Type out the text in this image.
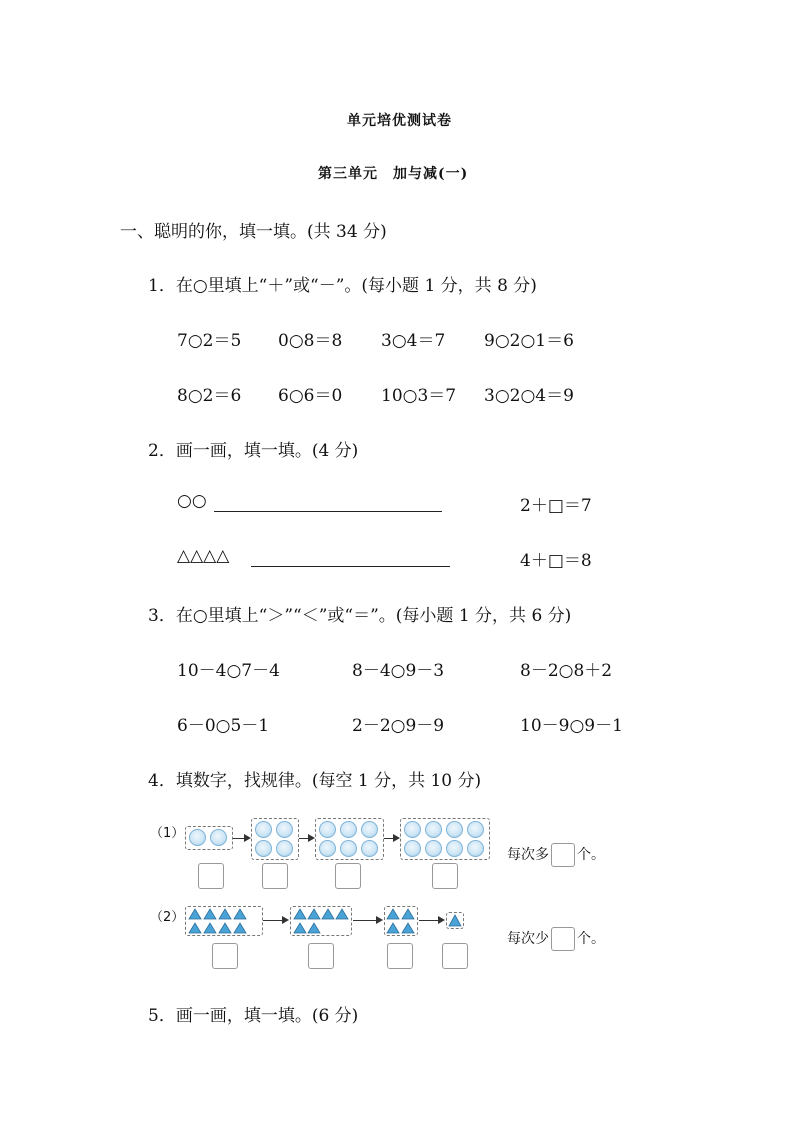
单元培优测试卷
第三单元　加与减(一)
一、聪明的你，填一填。(共 34 分)
1．在○里填上“＋”或“－”。(每小题 1 分，共 8 分)
7○2＝5 0○8＝8 3○4＝7 9○2○1＝6
8○2＝6 6○6＝0 10○3＝7 3○2○4＝9
2．画一画，填一填。(4 分)
○○	2＋□＝7
△△△△	4＋□＝8
3．在○里填上“＞”“＜”或“＝”。(每小题 1 分，共 6 分)
10－4○7－4	8－4○9－3	8－2○8＋2
6－0○5－1	2－2○9－9	10－9○9－1
4．填数字，找规律。(每空 1 分，共 10 分)
（1）
（2）
每次多 个。
每次少 个。
5．画一画，填一填。(6 分)
